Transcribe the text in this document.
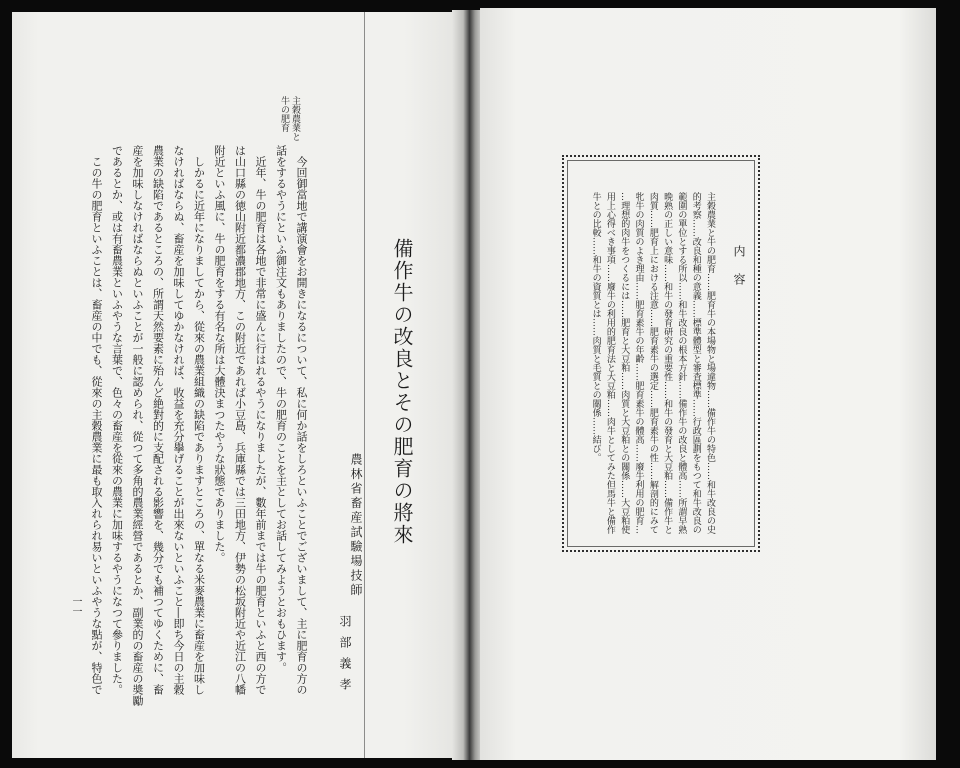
主穀農業と
牛の肥育
今回御當地で講演會をお開きになるについて、私に何か話をしろといふことでございまして、主に肥育の方の
話をするやうにといふ御注文もありましたので、牛の肥育のことを主としてお話してみようとおもひます。
近年、牛の肥育は各地で非常に盛んに行はれるやうになりましたが、數年前までは牛の肥育といふと西の方で
は山口縣の徳山附近都濃郡地方、この附近であれば小豆島、兵庫縣では三田地方、伊勢の松坂附近や近江の八幡
附近といふ風に、牛の肥育をする有名な所は大體決まつたやうな狀態でありました。
しかるに近年になりましてから、從來の農業組織の缺陷でありますところの、單なる米麥農業に畜産を加味し
なければならぬ、畜産を加味してゆかなければ、收益を充分擧げることが出來ないといふこと―即ち今日の主穀
農業の缺陷であるところの、所謂天然要素に殆んど絶對的に支配される影響を、幾分でも補つてゆくために、畜
産を加味しなければならぬといふことが一般に認められ、從つて多角的農業經營であるとか、副業的の畜産の奬勵
であるとか、或は有畜農業といふやうな言葉で、色々の畜産を從來の農業に加味するやうになつて參りました。
この牛の肥育といふことは、畜産の中でも、從來の主穀農業に最も取入れられ易いといふやうな點が、特色で
一一
備作牛の改良とその肥育の將來
農林省畜産試驗場技師
羽部義孝
内容
主穀農業と牛の肥育……肥育牛の本場物と場違物……備作牛の特色……和牛改良の史
的考察……改良和種の意義……標準體型と審査標準……行政區劃をもつて和牛改良の
範圍の單位とする所以……和牛改良の根本方針……備作牛の改良と體高……所謂早熟
晩熟の正しい意味……和牛の發育研究の重要性……和牛の發育と大豆粕……備作牛と
肉質……肥育上における注意……肥育素牛の選定……肥育素牛の性……解剖的にみて
牝牛の肉質のよき理由……肥育素牛の年齢……肥育素牛の體高……廢牛利用の肥育…
…理想的肉牛をつくるには……肥育と大豆粕……肉質と大豆粕との關係……大豆粕使
用上心得べき事項……廢牛の利用的肥育法と大豆粕……肉牛としてみた但馬牛と備作
牛との比較……和牛の資質とは……肉質と毛質との關係……結び。
